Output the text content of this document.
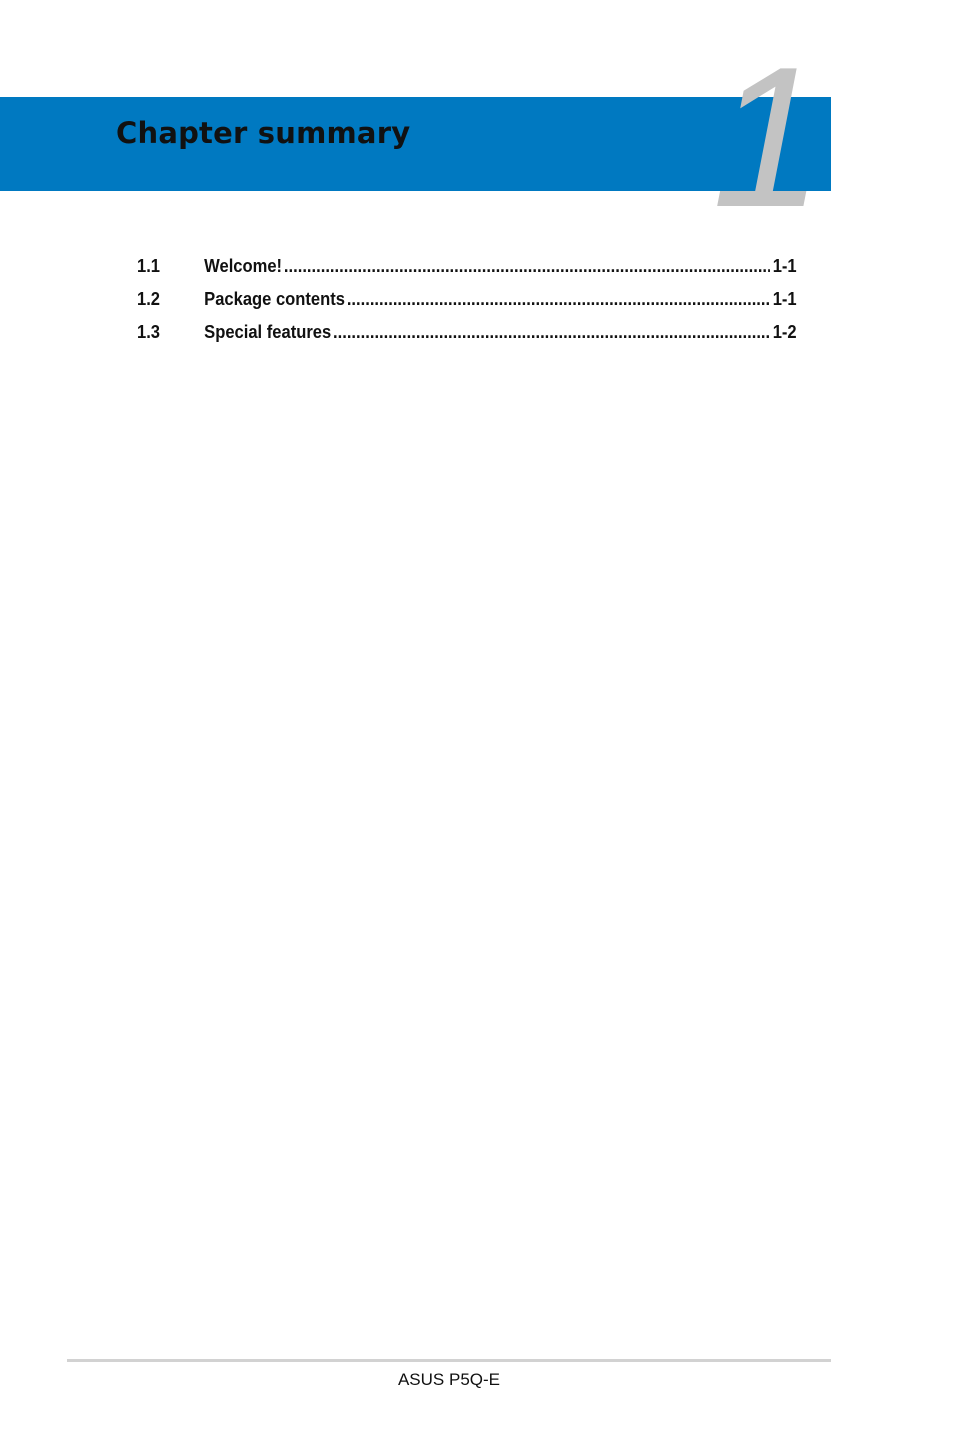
1
Chapter summary
1.1	Welcome! .....	1-1
1.2	Package contents .....	1-1
1.3	Special features .....	1-2
ASUS P5Q-E
